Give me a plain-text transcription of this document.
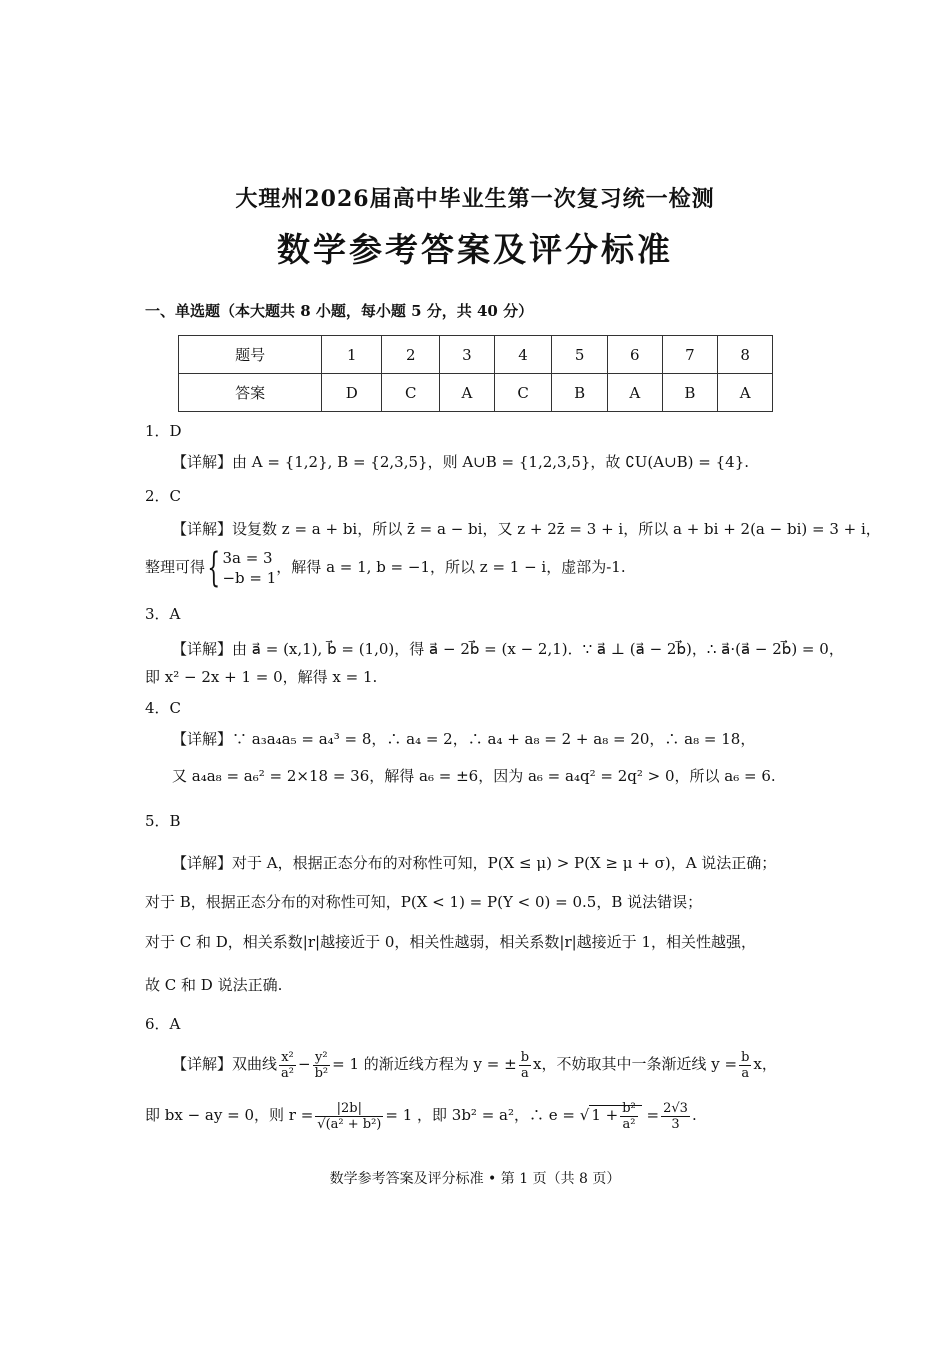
大理州2026届高中毕业生第一次复习统一检测
数学参考答案及评分标准
一、单选题（本大题共 8 小题，每小题 5 分，共 40 分）
题号	1	2	3	4	5	6	7	8
答案	D	C	A	C	B	A	B	A
1．D
【详解】由 A = {1,2}, B = {2,3,5}，则 A∪B = {1,2,3,5}，故 ∁U(A∪B) = {4}.
2．C
【详解】设复数 z = a + bi，所以 z̄ = a − bi，又 z + 2z̄ = 3 + i，所以 a + bi + 2(a − bi) = 3 + i，
整理可得{ 3a = 3
−b = 1
，解得 a = 1, b = −1，所以 z = 1 − i，虚部为-1.
3．A
【详解】由 a⃗ = (x,1), b⃗ = (1,0)，得 a⃗ − 2b⃗ = (x − 2,1)．∵ a⃗ ⊥ (a⃗ − 2b⃗)，∴ a⃗·(a⃗ − 2b⃗) = 0，
即 x² − 2x + 1 = 0，解得 x = 1.
4．C
【详解】∵ a₃a₄a₅ = a₄³ = 8，∴ a₄ = 2，∴ a₄ + a₈ = 2 + a₈ = 20，∴ a₈ = 18，
又 a₄a₈ = a₆² = 2×18 = 36，解得 a₆ = ±6，因为 a₆ = a₄q² = 2q² > 0，所以 a₆ = 6.
5．B
【详解】对于 A，根据正态分布的对称性可知，P(X ≤ μ) > P(X ≥ μ + σ)，A 说法正确；
对于 B，根据正态分布的对称性可知，P(X < 1) = P(Y < 0) = 0.5，B 说法错误；
对于 C 和 D，相关系数|r|越接近于 0，相关性越弱，相关系数|r|越接近于 1，相关性越强，
故 C 和 D 说法正确.
6．A
【详解】双曲线 $\frac{\text{x²}}{\text{a²}} - \frac{\text{y²}}{\text{b²}} = 1$ 的渐近线方程为 y = ± $\frac{b}{a}$ x，不妨取其中一条渐近线 $y = \frac{b}{a}$ x，
即 bx − ay = 0，则 $r = \frac{|2b|}{\text{√(a² + b²)}} = 1$ ，即 3b² = a²，∴ e = √ $1 + \frac{\text{b²}}{\text{a²}} = \frac{2√3}{3}$ .
数学参考答案及评分标准 • 第 1 页（共 8 页）
